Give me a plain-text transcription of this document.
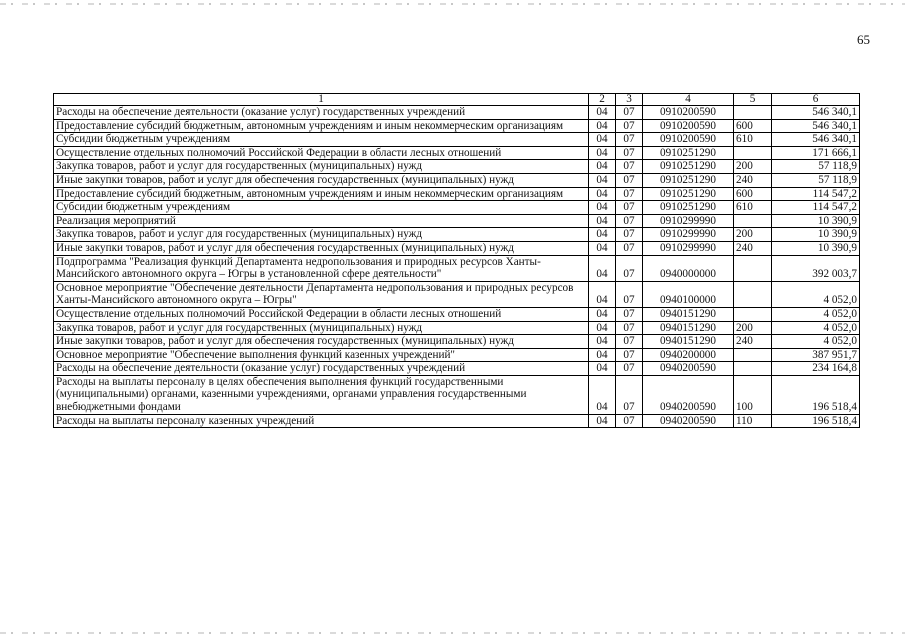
65
1	2	3	4	5	6
Расходы на обеспечение деятельности (оказание услуг) государственных учреждений	04	07	0910200590		546 340,1
Предоставление субсидий бюджетным, автономным учреждениям и иным некоммерческим организациям	04	07	0910200590	600	546 340,1
Субсидии бюджетным учреждениям	04	07	0910200590	610	546 340,1
Осуществление отдельных полномочий Российской Федерации в области лесных отношений	04	07	0910251290		171 666,1
Закупка товаров, работ и услуг для государственных (муниципальных) нужд	04	07	0910251290	200	57 118,9
Иные закупки товаров, работ и услуг для обеспечения государственных (муниципальных) нужд	04	07	0910251290	240	57 118,9
Предоставление субсидий бюджетным, автономным учреждениям и иным некоммерческим организациям	04	07	0910251290	600	114 547,2
Субсидии бюджетным учреждениям	04	07	0910251290	610	114 547,2
Реализация мероприятий	04	07	0910299990		10 390,9
Закупка товаров, работ и услуг для государственных (муниципальных) нужд	04	07	0910299990	200	10 390,9
Иные закупки товаров, работ и услуг для обеспечения государственных (муниципальных) нужд	04	07	0910299990	240	10 390,9
Подпрограмма "Реализация функций Департамента недропользования и природных ресурсов Ханты-Мансийского автономного округа – Югры в установленной сфере деятельности"	04	07	0940000000		392 003,7
Основное мероприятие "Обеспечение деятельности Департамента недропользования и природных ресурсов Ханты-Мансийского автономного округа – Югры"	04	07	0940100000		4 052,0
Осуществление отдельных полномочий Российской Федерации в области лесных отношений	04	07	0940151290		4 052,0
Закупка товаров, работ и услуг для государственных (муниципальных) нужд	04	07	0940151290	200	4 052,0
Иные закупки товаров, работ и услуг для обеспечения государственных (муниципальных) нужд	04	07	0940151290	240	4 052,0
Основное мероприятие "Обеспечение выполнения функций казенных учреждений"	04	07	0940200000		387 951,7
Расходы на обеспечение деятельности (оказание услуг) государственных учреждений	04	07	0940200590		234 164,8
Расходы на выплаты персоналу в целях обеспечения выполнения функций государственными (муниципальными) органами, казенными учреждениями, органами управления государственными внебюджетными фондами	04	07	0940200590	100	196 518,4
Расходы на выплаты персоналу казенных учреждений	04	07	0940200590	110	196 518,4
